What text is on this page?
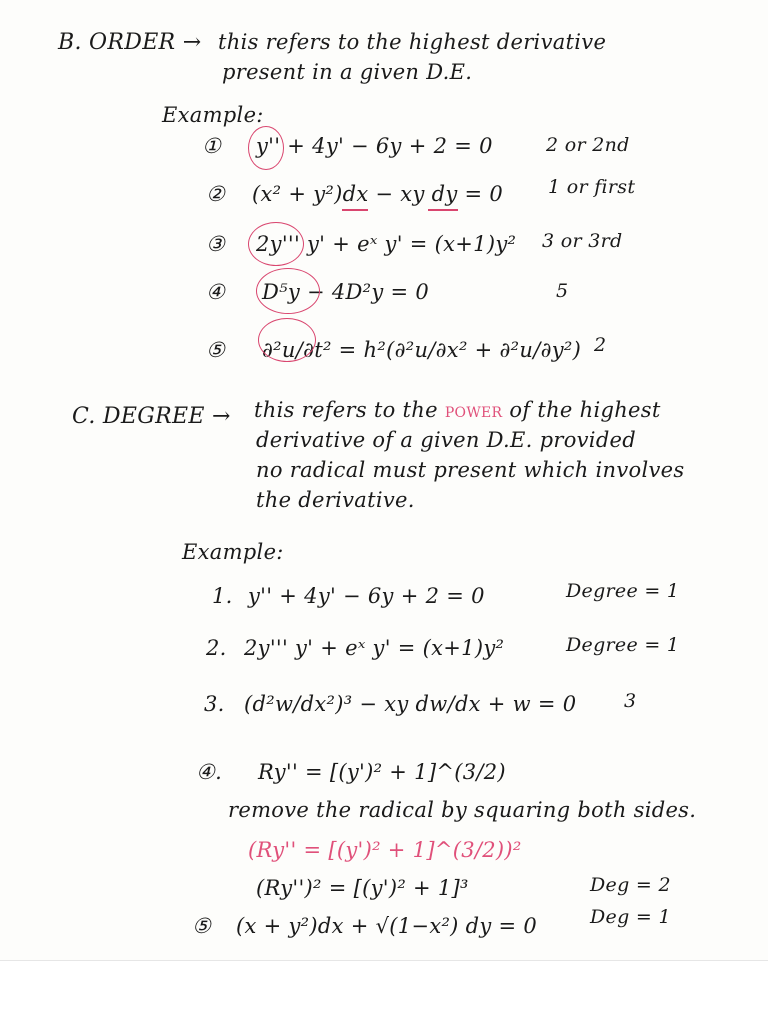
B. ORDER → this refers to the highest derivative
present in a given D.E.
Example:
① y'' + 4y' − 6y + 2 = 0	2 or 2nd
② (x² + y²)dx − xy dy = 0 1 or first
③ 2y''' y' + eˣ y' = (x+1)y² 3 or 3rd
④ D⁵y − 4D²y = 0	5
⑤ ∂²u/∂t² = h²(∂²u/∂x² + ∂²u/∂y²) 2
C. DEGREE → this refers to the POWER of the highest
derivative of a given D.E. provided
no radical must present which involves
the derivative.
Example:
1. y'' + 4y' − 6y + 2 = 0	Degree = 1
2. 2y''' y' + eˣ y' = (x+1)y²	Degree = 1
3. (d²w/dx²)³ − xy dw/dx + w = 0	3
④. Ry'' = [(y')² + 1]^(3/2)
remove the radical by squaring both sides.
(Ry'' = [(y')² + 1]^(3/2))²
(Ry'')² = [(y')² + 1]³	Deg = 2
⑤ (x + y²)dx + √(1−x²) dy = 0	Deg = 1
